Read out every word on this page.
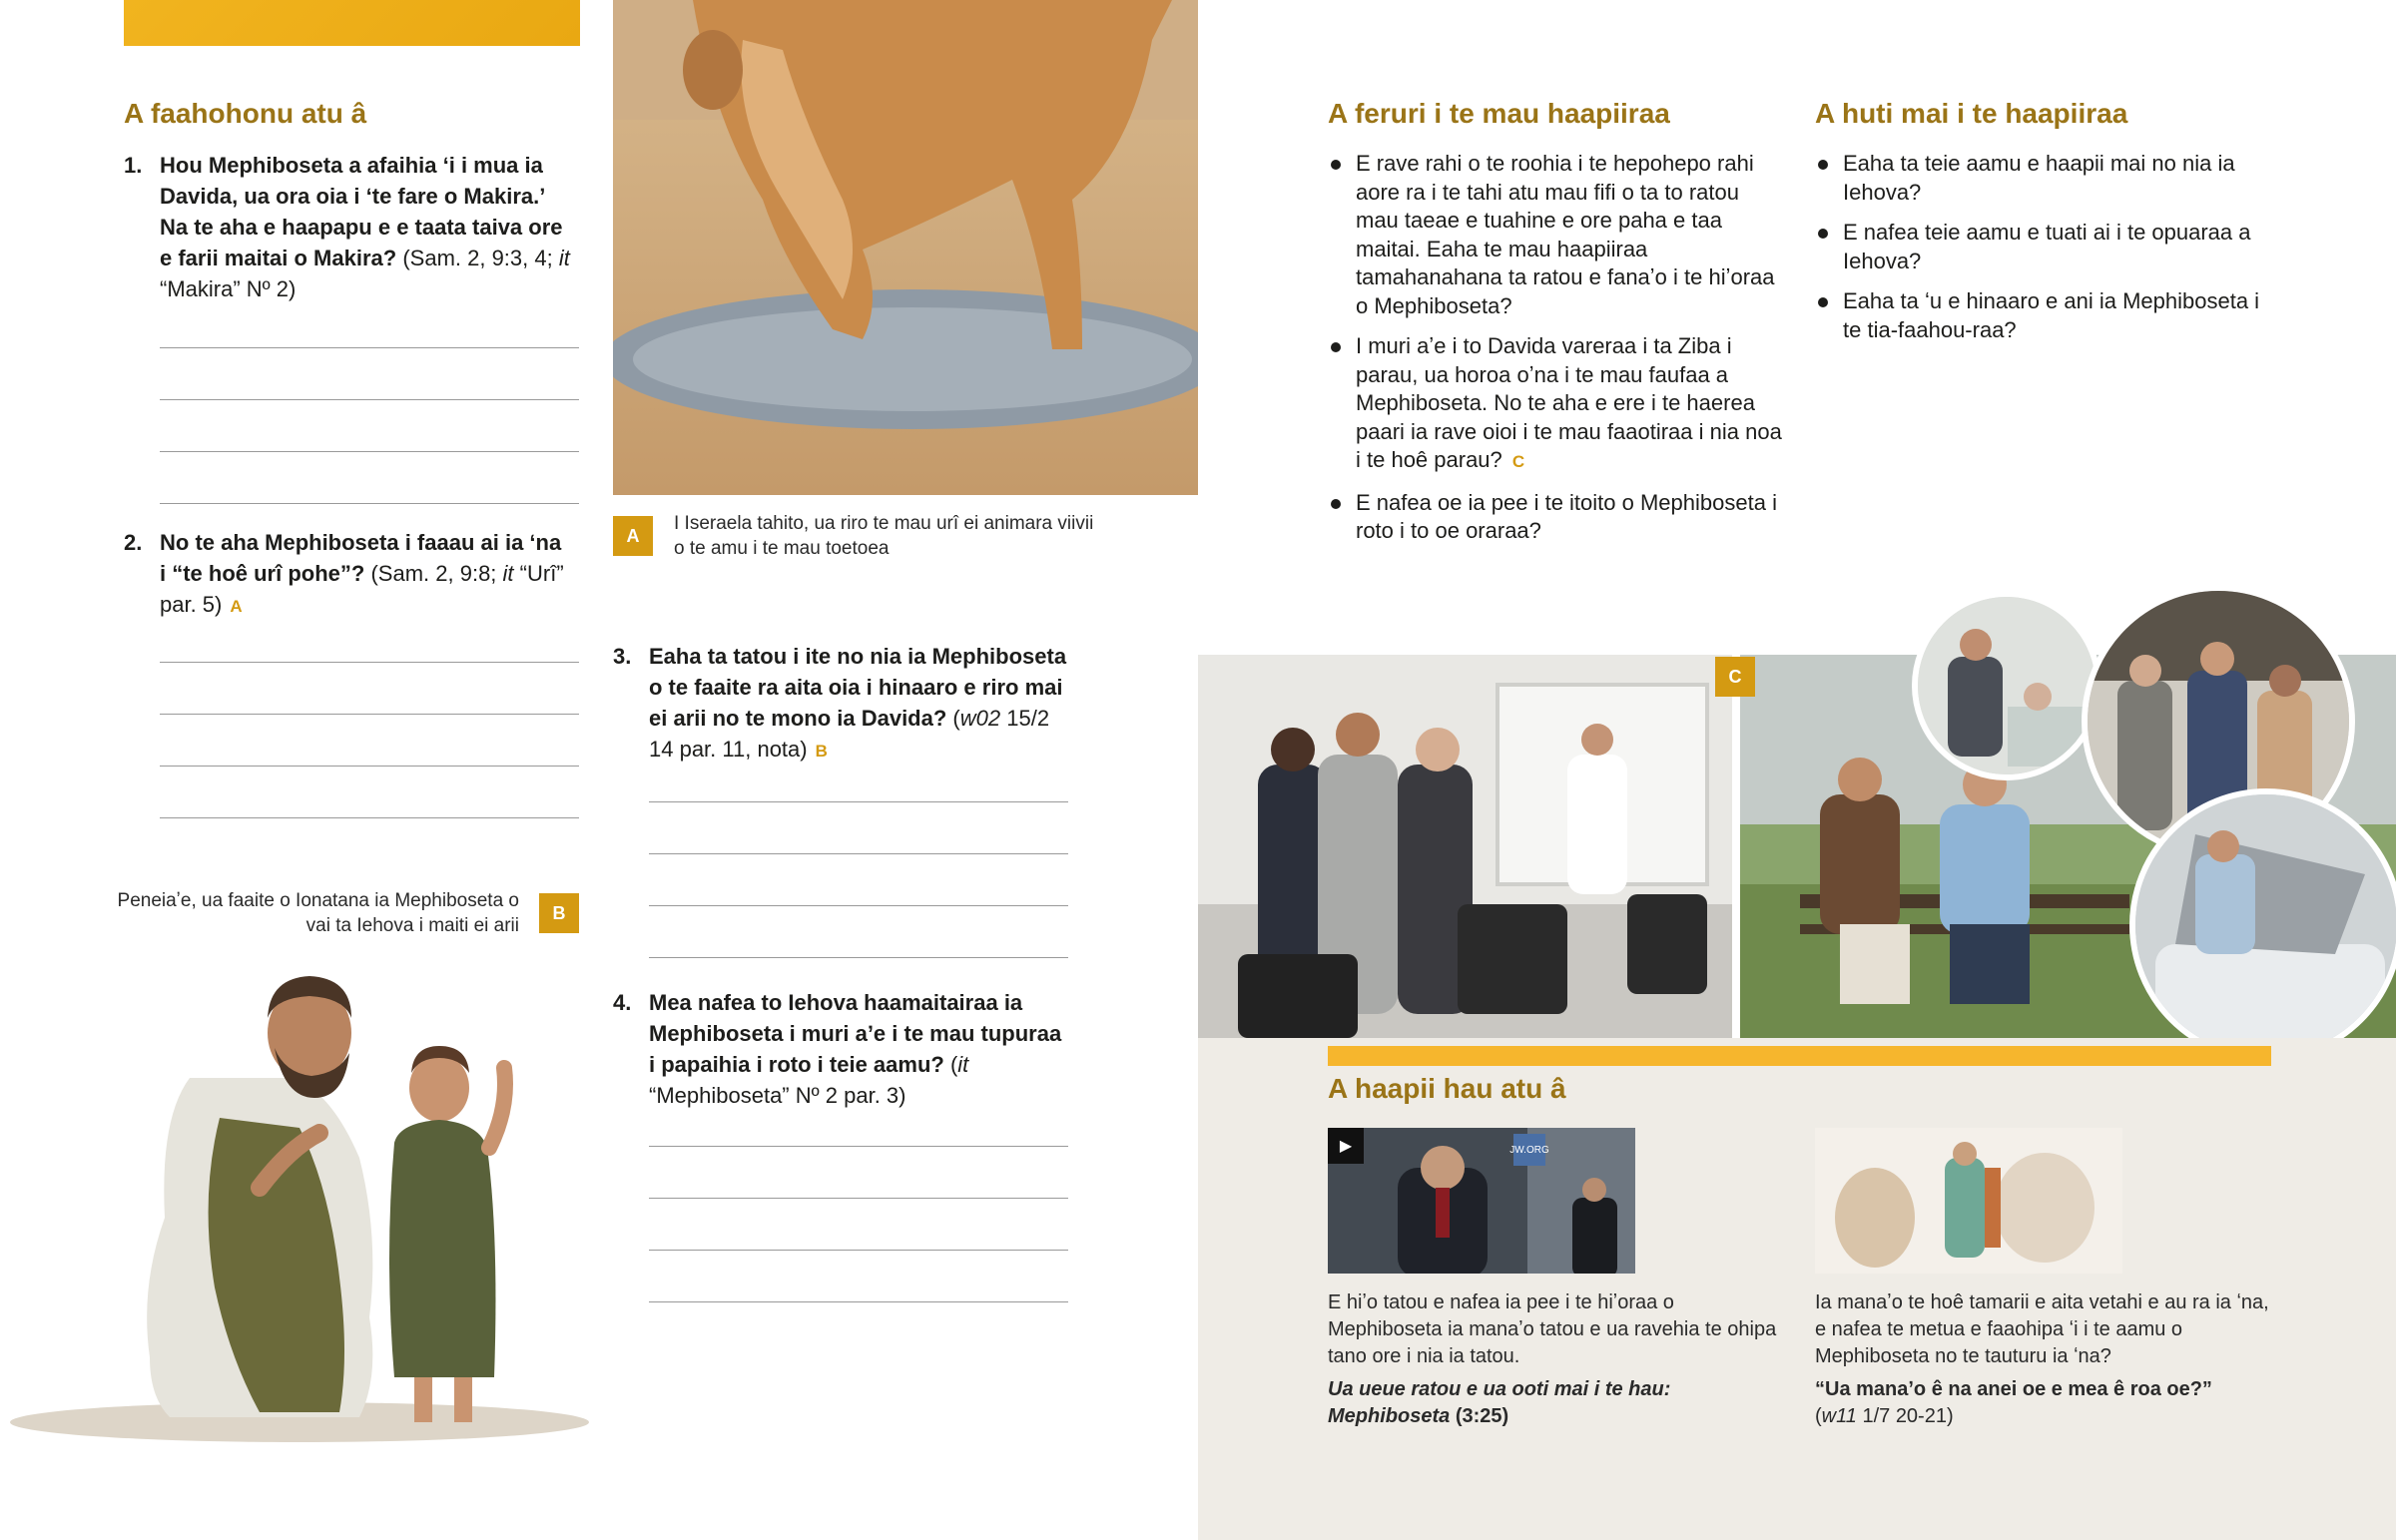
A faahohonu atu â
1. Hou Mephiboseta a afaihia ʻi i mua ia Davida, ua ora oia i ʻte fare o Makira.ʼ Na te aha e haapapu e e taata taiva ore e farii maitai o Makira? (Sam. 2, 9:3, 4; it “Makira” Nº 2)
2. No te aha Mephiboseta i faaau ai ia ʻna i “te hoê urî pohe”? (Sam. 2, 9:8; it “Urî” par. 5) A
Peneiaʼe, ua faaite o Ionatana ia Mephiboseta o vai ta Iehova i maiti ei arii
B
A
I Iseraela tahito, ua riro te mau urî ei animara viivii o te amu i te mau toetoea
3. Eaha ta tatou i ite no nia ia Mephiboseta o te faaite ra aita oia i hinaaro e riro mai ei arii no te mono ia Davida? (w02 15/2 14 par. 11, nota) B
4. Mea nafea to Iehova haamaitairaa ia Mephiboseta i muri aʼe i te mau tupuraa i papaihia i roto i teie aamu? (it “Mephiboseta” Nº 2 par. 3)
A feruri i te mau haapiiraa
E rave rahi o te roohia i te hepohepo rahi aore ra i te tahi atu mau fifi o ta to ratou mau taeae e tuahine e ore paha e taa maitai. Eaha te mau haapiiraa tamahanahana ta ratou e fanaʼo i te hiʼoraa o Mephiboseta?
I muri aʼe i to Davida vareraa i ta Ziba i parau, ua horoa oʼna i te mau faufaa a Mephiboseta. No te aha e ere i te haerea paari ia rave oioi i te mau faaotiraa i nia noa i te hoê parau? C
E nafea oe ia pee i te itoito o Mephiboseta i roto i to oe oraraa?
A huti mai i te haapiiraa
Eaha ta teie aamu e haapii mai no nia ia Iehova?
E nafea teie aamu e tuati ai i te opuaraa a Iehova?
Eaha ta ʻu e hinaaro e ani ia Mephiboseta i te tia-faahou-raa?
C
A haapii hau atu â
▶	JW.ORG
E hiʼo tatou e nafea ia pee i te hiʼoraa o Mephiboseta ia manaʼo tatou e ua ravehia te ohipa tano ore i nia ia tatou.
Ua ueue ratou e ua ooti mai i te hau: Mephiboseta (3:25)
Ia manaʼo te hoê tamarii e aita vetahi e au ra ia ʻna, e nafea te metua e faaohipa ʻi i te aamu o Mephiboseta no te tauturu ia ʻna?
“Ua manaʼo ê na anei oe e mea ê roa oe?”
(w11 1/7 20-21)
